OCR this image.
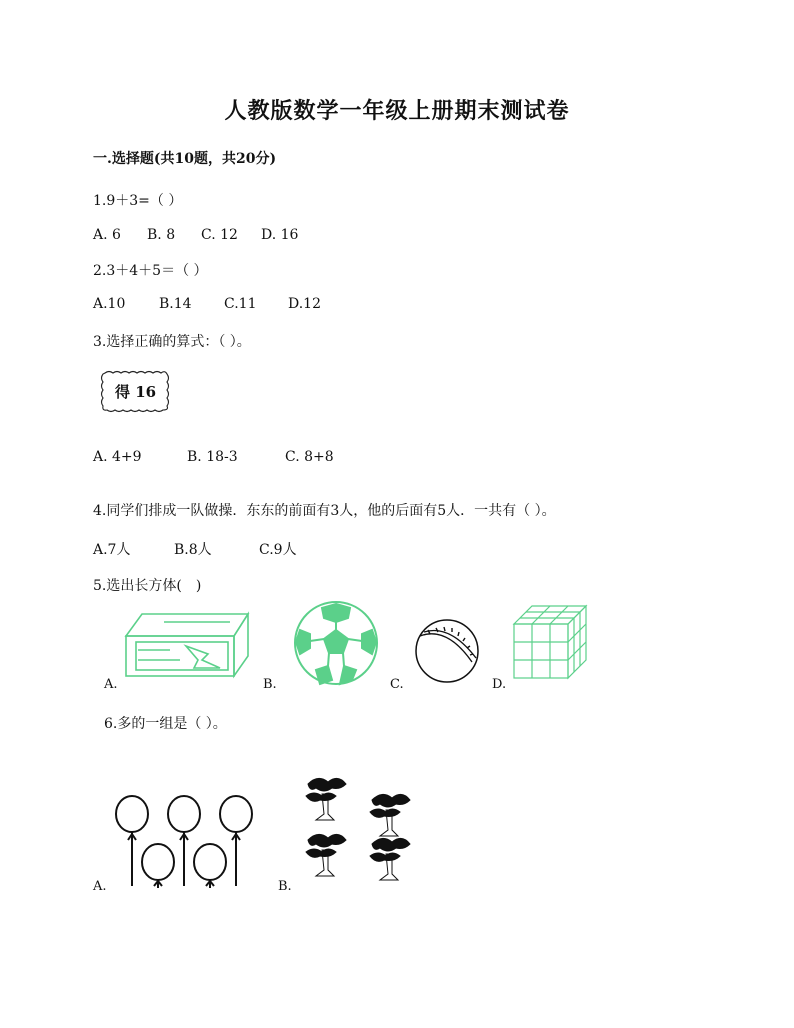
人教版数学一年级上册期末测试卷
一.选择题(共10题，共20分)
1.9＋3=（ ）
A. 6	B. 8	C. 12	D. 16
2.3＋4＋5＝（ ）
A.10	B.14	C.11	D.12
3.选择正确的算式：（ ）。
得 16
A. 4+9	B. 18-3	C. 8+8
4.同学们排成一队做操．东东的前面有3人，他的后面有5人．一共有（ ）。
A.7人	B.8人	C.9人
5.选出长方体(　)
A.	B.	C.	D.
6.多的一组是（ ）。
A.	B.
